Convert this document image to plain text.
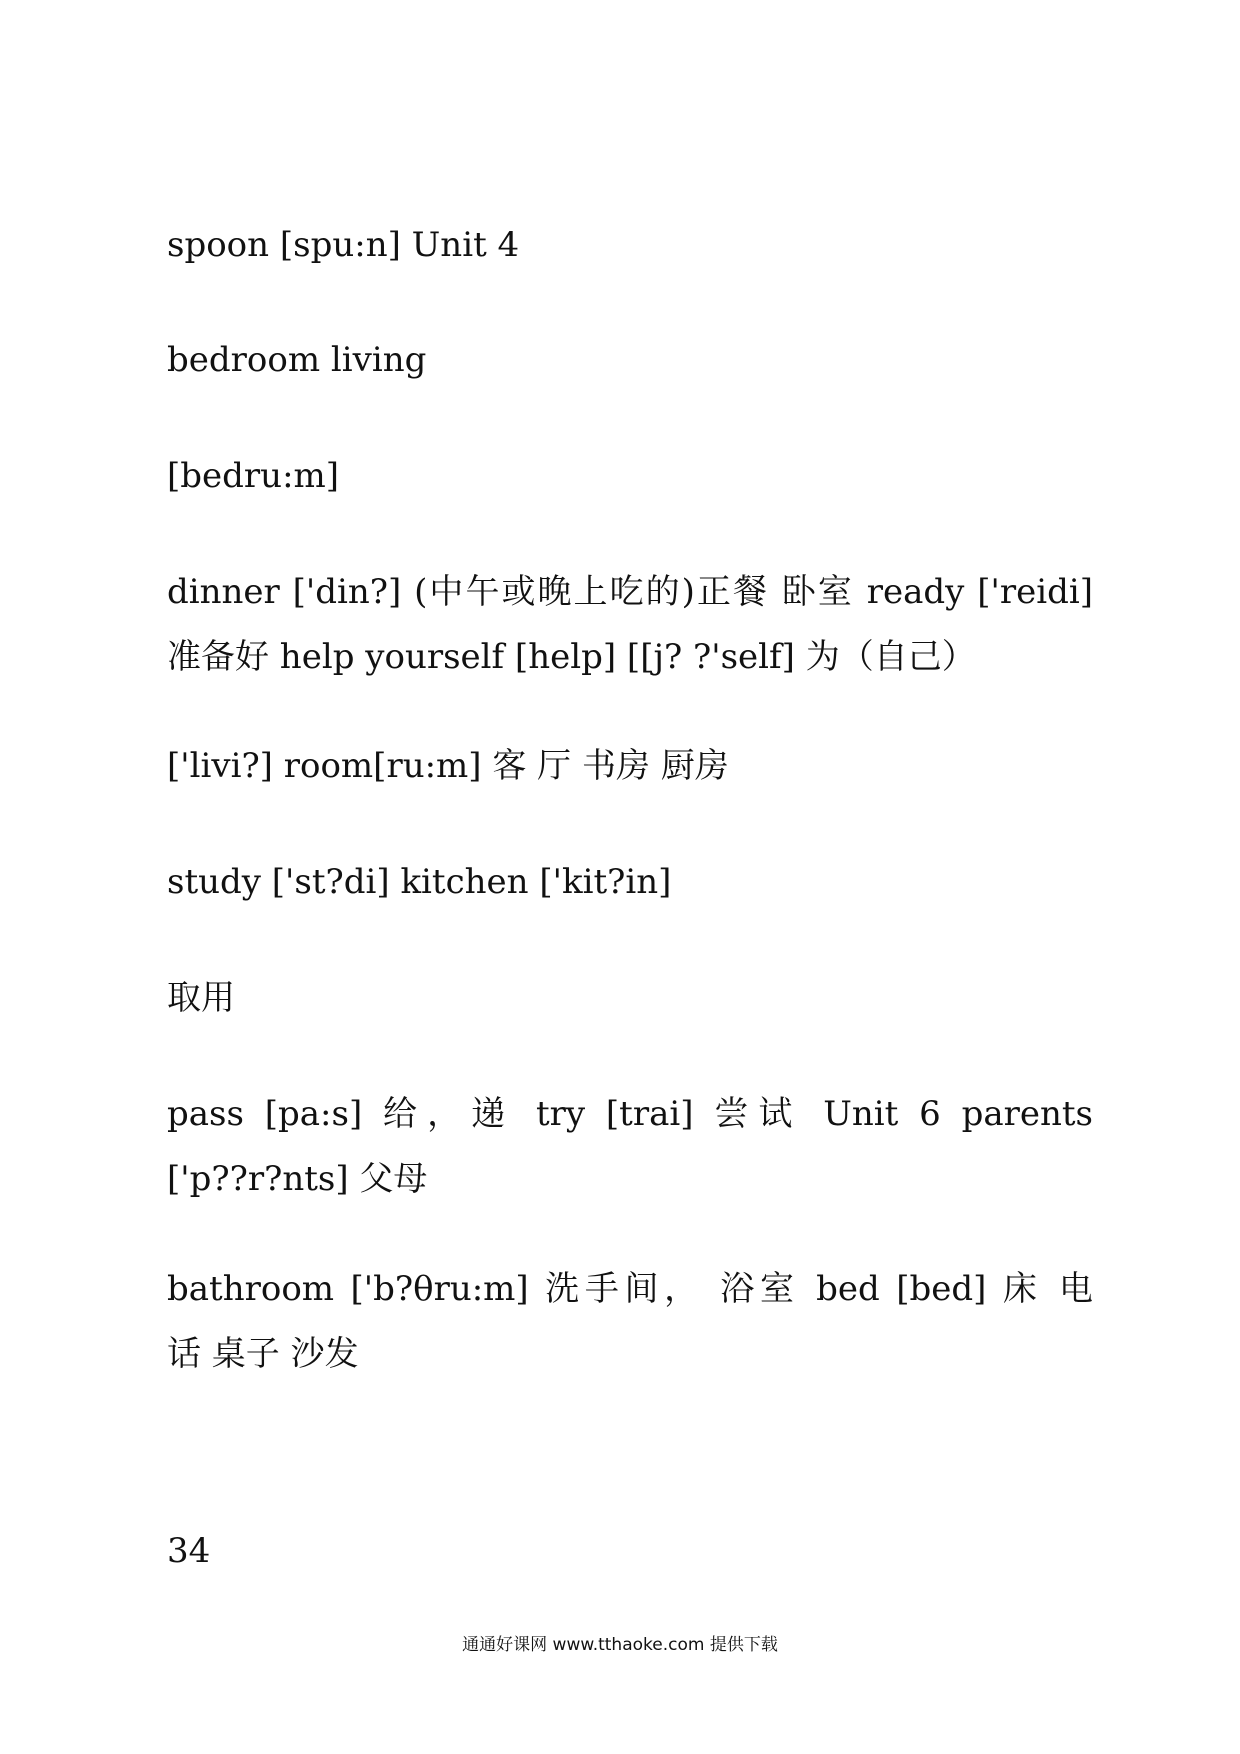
spoon [spu:n] Unit 4

bedroom living

[bedru:m]

dinner ['din?] (中午或晚上吃的)正餐 卧室 ready ['reidi]
准备好 help yourself [help] [[j? ?'self] 为（自己）

['livi?] room[ru:m] 客 厅 书房 厨房

study ['st?di] kitchen ['kit?in]

取用

pass [pa:s] 给，递 try [trai] 尝试 Unit 6 parents
['p??r?nts] 父母

bathroom ['b?θru:m] 洗手间， 浴室 bed [bed] 床 电
话 桌子 沙发

34

通通好课网 www.tthaoke.com 提供下载
